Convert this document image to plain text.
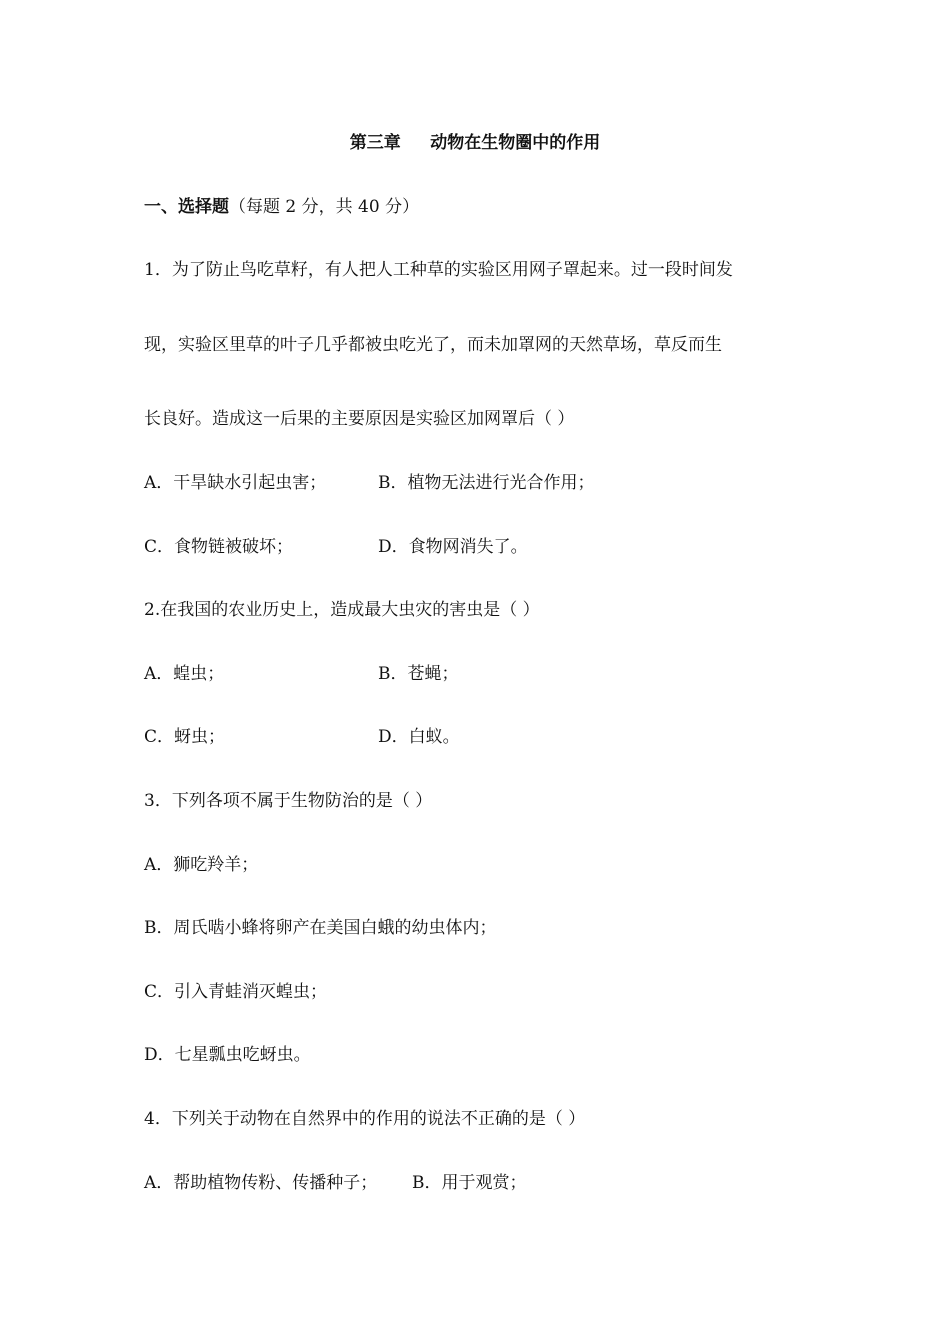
第三章     动物在生物圈中的作用
一、选择题（每题 2 分，共 40 分）
1．为了防止鸟吃草籽，有人把人工种草的实验区用网子罩起来。过一段时间发
现，实验区里草的叶子几乎都被虫吃光了，而未加罩网的天然草场，草反而生
长良好。造成这一后果的主要原因是实验区加网罩后（ ）
A．干旱缺水引起虫害；	B．植物无法进行光合作用；
C．食物链被破坏；	D．食物网消失了。
2.在我国的农业历史上，造成最大虫灾的害虫是（ ）
A．蝗虫；	B．苍蝇；
C．蚜虫；	D．白蚁。
3．下列各项不属于生物防治的是（ ）
A．狮吃羚羊；
B．周氏啮小蜂将卵产在美国白蛾的幼虫体内；
C．引入青蛙消灭蝗虫；
D．七星瓢虫吃蚜虫。
4．下列关于动物在自然界中的作用的说法不正确的是（ ）
A．帮助植物传粉、传播种子； B．用于观赏；
